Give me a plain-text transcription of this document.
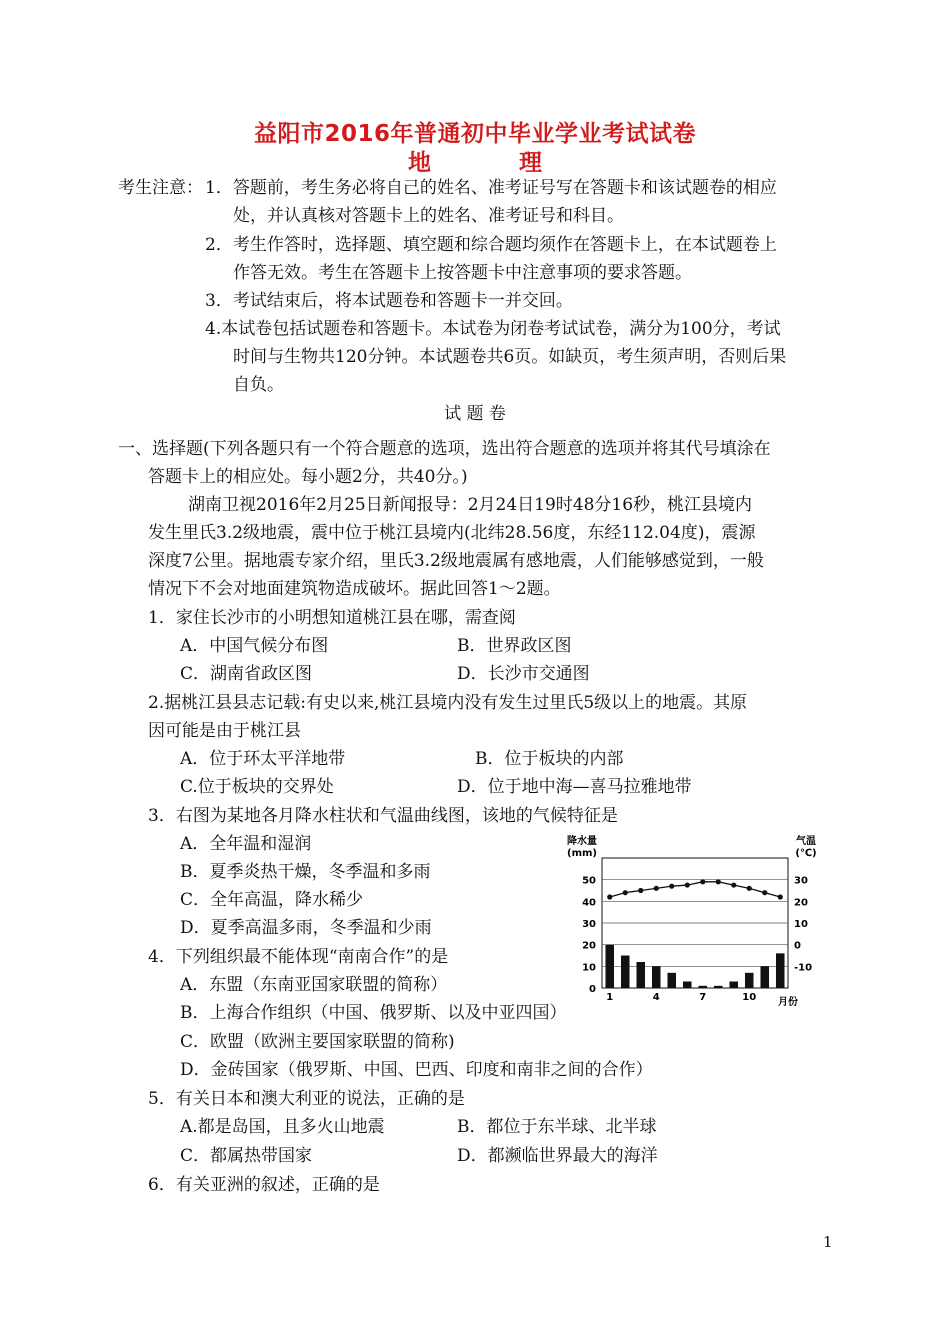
益阳市2016年普通初中毕业学业考试试卷
地 理
考生注意： 1．答题前，考生务必将自己的姓名、准考证号写在答题卡和该试题卷的相应
处，并认真核对答题卡上的姓名、准考证号和科目。
2．考生作答时，选择题、填空题和综合题均须作在答题卡上，在本试题卷上
作答无效。考生在答题卡上按答题卡中注意事项的要求答题。
3．考试结束后，将本试题卷和答题卡一并交回。
4.本试卷包括试题卷和答题卡。本试卷为闭卷考试试卷，满分为100分，考试
时间与生物共120分钟。本试题卷共6页。如缺页，考生须声明，否则后果
自负。
试 题 卷
一、选择题(下列各题只有一个符合题意的选项，选出符合题意的选项并将其代号填涂在
答题卡上的相应处。每小题2分，共40分。)
湖南卫视2016年2月25日新闻报导：2月24日19时48分16秒，桃江县境内
发生里氏3.2级地震，震中位于桃江县境内(北纬28.56度，东经112.04度)，震源
深度7公里。据地震专家介绍，里氏3.2级地震属有感地震，人们能够感觉到，一般
情况下不会对地面建筑物造成破坏。据此回答1～2题。
1．家住长沙市的小明想知道桃江县在哪，需查阅
A．中国气候分布图	B．世界政区图
C．湖南省政区图	D．长沙市交通图
2.据桃江县县志记载:有史以来,桃江县境内没有发生过里氏5级以上的地震。其原
因可能是由于桃江县
A．位于环太平洋地带	B．位于板块的内部
C.位于板块的交界处	D．位于地中海—喜马拉雅地带
3．右图为某地各月降水柱状和气温曲线图，该地的气候特征是
A．全年温和湿润
B．夏季炎热干燥，冬季温和多雨
C．全年高温，降水稀少
D．夏季高温多雨，冬季温和少雨
4．下列组织最不能体现“南南合作”的是
A．东盟（东南亚国家联盟的简称）
B．上海合作组织（中国、俄罗斯、以及中亚四国）
C．欧盟（欧洲主要国家联盟的简称)
D．金砖国家（俄罗斯、中国、巴西、印度和南非之间的合作）
5．有关日本和澳大利亚的说法，正确的是
A.都是岛国，且多火山地震	B．都位于东半球、北半球
C．都属热带国家	D．都濒临世界最大的海洋
6．有关亚洲的叙述，正确的是
1
降水量
(mm)
气温
(℃)
月份
0
10
20
30
40
50
-10
0
10
20
30
1	4	7	10
